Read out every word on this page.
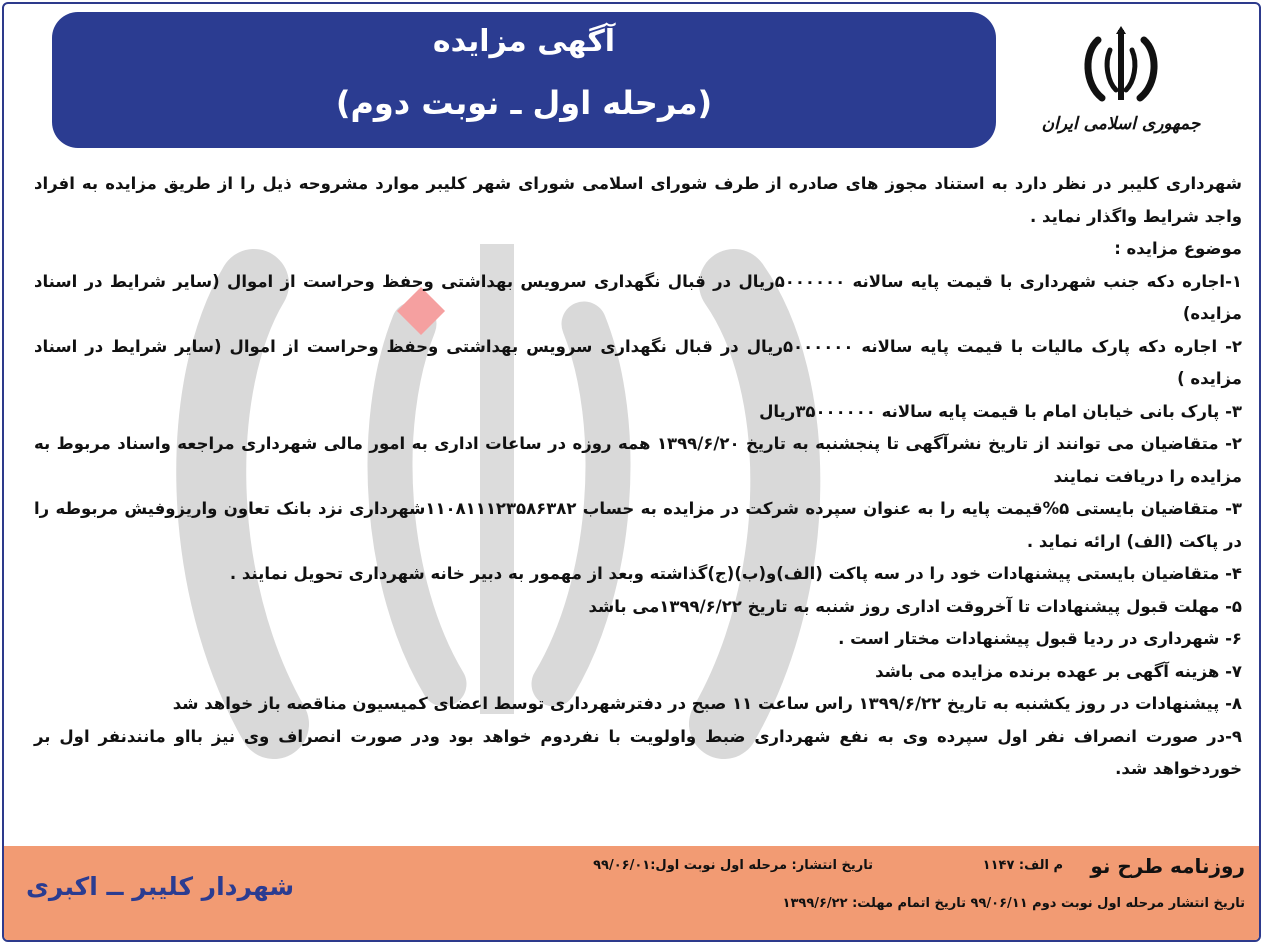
آگهی مزایده
(مرحله اول ـ نوبت دوم)
جمهوری اسلامی ایران

شهرداری کلیبر در نظر دارد به استناد مجوز های صادره از طرف شورای اسلامی شورای شهر کلیبر موارد مشروحه ذیل را از طریق مزایده به افراد واجد شرایط واگذار نماید .

موضوع مزایده :

۱-اجاره دکه جنب شهرداری با قیمت پایه سالانه ۵۰۰۰۰۰۰ریال در قبال نگهداری سرویس بهداشتی وحفظ وحراست از اموال (سایر شرایط در اسناد مزایده)

۲- اجاره دکه پارک مالیات با قیمت پایه سالانه ۵۰۰۰۰۰۰ریال در قبال نگهداری سرویس بهداشتی وحفظ وحراست از اموال (سایر شرایط در اسناد مزایده )

۳- پارک بانی خیابان امام با قیمت پایه سالانه ۳۵۰۰۰۰۰۰ریال

۲- متقاضیان می توانند از تاریخ نشرآگهی تا پنجشنبه به تاریخ ۱۳۹۹/۶/۲۰ همه روزه در ساعات اداری به امور مالی شهرداری مراجعه واسناد مربوط به مزایده را دریافت نمایند

۳- متقاضیان بایستی ۵%قیمت پایه را به عنوان سپرده شرکت در مزایده به حساب ۱۱۰۸۱۱۱۲۳۵۸۶۳۸۲شهرداری نزد بانک تعاون واریزوفیش مربوطه را در پاکت (الف) ارائه نماید .

۴- متقاضیان بایستی پیشنهادات خود را در سه پاکت (الف)و(ب)(ج)گذاشته وبعد از مهمور به دبیر خانه شهرداری تحویل نمایند .

۵- مهلت قبول پیشنهادات تا آخروقت اداری روز شنبه به تاریخ ۱۳۹۹/۶/۲۲می باشد

۶- شهرداری در ردیا قبول پیشنهادات مختار است .

۷- هزینه آگهی بر عهده برنده مزایده می باشد

۸- پیشنهادات در روز یکشنبه به تاریخ ۱۳۹۹/۶/۲۲ راس ساعت ۱۱ صبح در دفترشهرداری توسط اعضای کمیسیون مناقصه باز خواهد شد

۹-در صورت انصراف نفر اول سپرده وی به نفع شهرداری ضبط واولویت با نفردوم خواهد بود ودر صورت انصراف وی نیز بااو مانندنفر اول بر خوردخواهد شد.

شهردار کلیبر ــ اکبری
روزنامه طرح نو
م الف: ۱۱۴۷
تاریخ انتشار: مرحله اول نوبت اول:۹۹/۰۶/۰۱
تاریخ انتشار مرحله اول نوبت دوم ۹۹/۰۶/۱۱ تاریخ اتمام مهلت: ۱۳۹۹/۶/۲۲
